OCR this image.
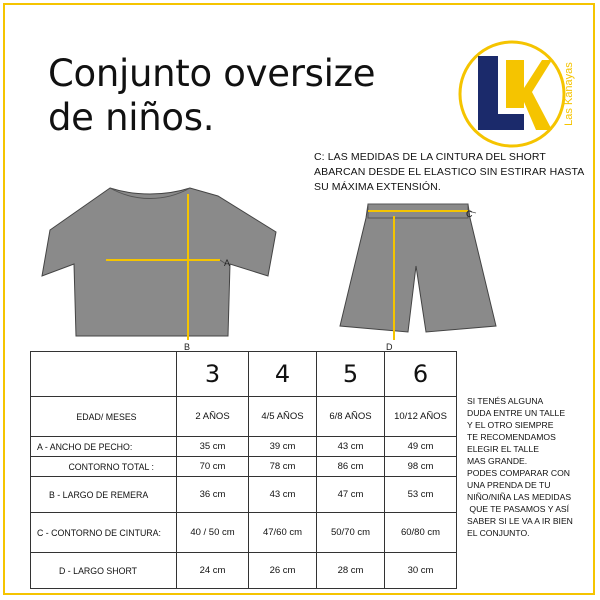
Conjunto oversize
de niños.	Las Kanayas
C: LAS MEDIDAS DE LA CINTURA DEL SHORT ABARCAN DESDE EL ELASTICO SIN ESTIRAR HASTA SU MÁXIMA EXTENSIÓN.
A
B
C
D
	3	4	5	6
EDAD/ MESES	2 AÑOS	4/5 AÑOS	6/8 AÑOS	10/12 AÑOS
A - ANCHO DE PECHO:	35 cm	39 cm	43 cm	49 cm
CONTORNO TOTAL :	70 cm	78 cm	86 cm	98 cm
B - LARGO DE REMERA	36 cm	43 cm	47 cm	53 cm
C - CONTORNO DE CINTURA:	40 / 50 cm	47/60 cm	50/70 cm	60/80 cm
D - LARGO SHORT	24 cm	26 cm	28 cm	30 cm
SI TENÉS ALGUNA
DUDA ENTRE UN TALLE
Y EL OTRO SIEMPRE
TE RECOMENDAMOS
ELEGIR EL TALLE
MAS GRANDE.
PODES COMPARAR CON
UNA PRENDA DE TU
NIÑO/NIÑA LAS MEDIDAS
QUE TE PASAMOS Y ASÍ
SABER SI LE VA A IR BIEN
EL CONJUNTO.
